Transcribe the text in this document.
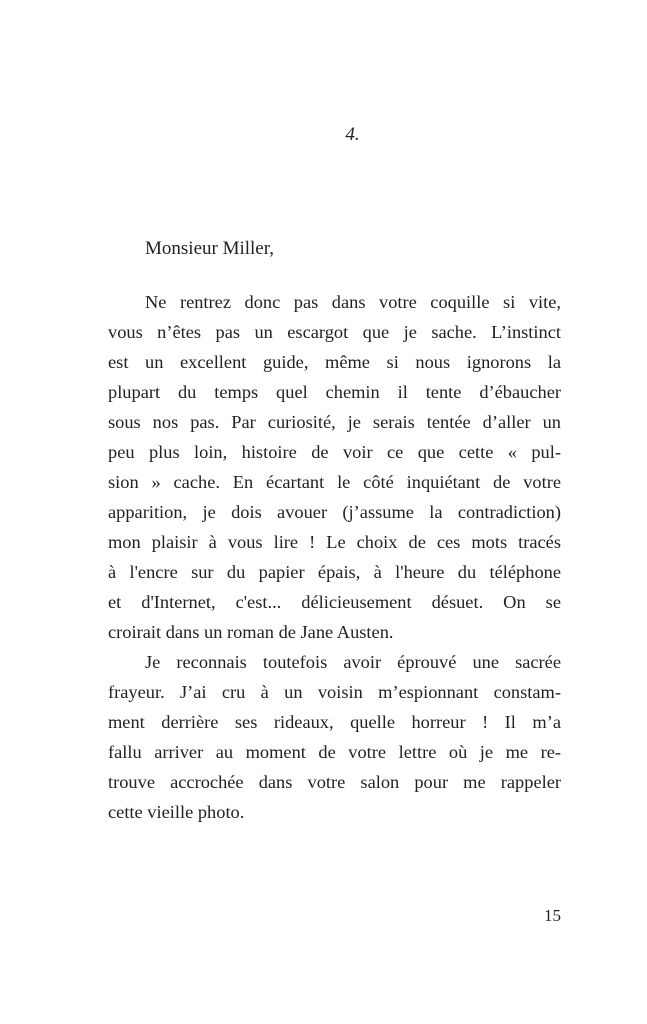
4.
Monsieur Miller,
Ne rentrez donc pas dans votre coquille si vite,
vous n’êtes pas un escargot que je sache. L’instinct
est un excellent guide, même si nous ignorons la
plupart du temps quel chemin il tente d’ébaucher
sous nos pas. Par curiosité, je serais tentée d’aller un
peu plus loin, histoire de voir ce que cette « pul-
sion » cache. En écartant le côté inquiétant de votre
apparition, je dois avouer (j’assume la contradiction)
mon plaisir à vous lire ! Le choix de ces mots tracés
à l'encre sur du papier épais, à l'heure du téléphone
et d'Internet, c'est... délicieusement désuet. On se
croirait dans un roman de Jane Austen.
Je reconnais toutefois avoir éprouvé une sacrée
frayeur. J’ai cru à un voisin m’espionnant constam-
ment derrière ses rideaux, quelle horreur ! Il m’a
fallu arriver au moment de votre lettre où je me re-
trouve accrochée dans votre salon pour me rappeler
cette vieille photo.
15
